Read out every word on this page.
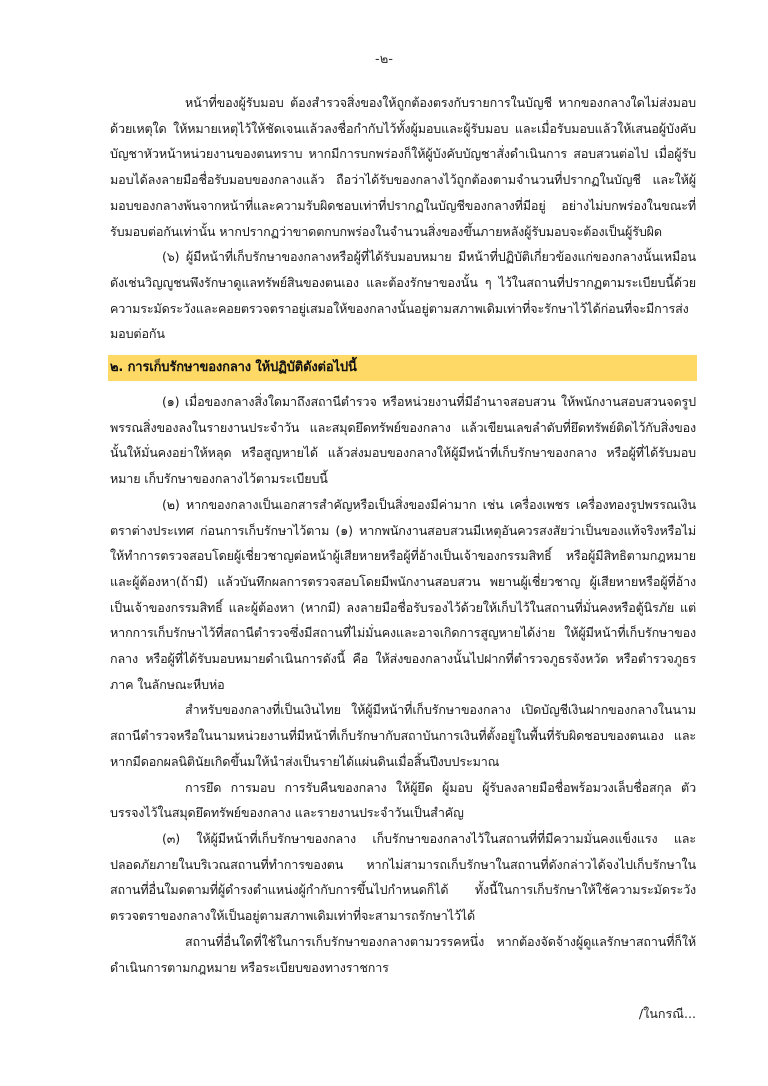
-๒-

หน้าที่ของผู้รับมอบ ต้องสำรวจสิ่งของให้ถูกต้องตรงกับรายการในบัญชี หากของกลางใดไม่ส่งมอบด้วยเหตุใด ให้หมายเหตุไว้ให้ชัดเจนแล้วลงชื่อกำกับไว้ทั้งผู้มอบและผู้รับมอบ และเมื่อรับมอบแล้วให้เสนอผู้บังคับบัญชาหัวหน้าหน่วยงานของตนทราบ หากมีการบกพร่องก็ให้ผู้บังคับบัญชาสั่งดำเนินการ สอบสวนต่อไป เมื่อผู้รับมอบได้ลงลายมือชื่อรับมอบของกลางแล้ว ถือว่าได้รับของกลางไว้ถูกต้องตามจำนวนที่ปรากฏในบัญชี และให้ผู้มอบของกลางพ้นจากหน้าที่และความรับผิดชอบเท่าที่ปรากฏในบัญชีของกลางที่มีอยู่ อย่างไม่บกพร่องในขณะที่รับมอบต่อกันเท่านั้น หากปรากฏว่าขาดตกบกพร่องในจำนวนสิ่งของขึ้นภายหลังผู้รับมอบจะต้องเป็นผู้รับผิด

(๖) ผู้มีหน้าที่เก็บรักษาของกลางหรือผู้ที่ได้รับมอบหมาย มีหน้าที่ปฏิบัติเกี่ยวข้องแก่ของกลางนั้นเหมือนดังเช่นวิญญูชนพึงรักษาดูแลทรัพย์สินของตนเอง และต้องรักษาของนั้น ๆ ไว้ในสถานที่ปรากฏตามระเบียบนี้ด้วยความระมัดระวังและคอยตรวจตราอยู่เสมอให้ของกลางนั้นอยู่ตามสภาพเดิมเท่าที่จะรักษาไว้ได้ก่อนที่จะมีการส่งมอบต่อกัน

๒. การเก็บรักษาของกลาง ให้ปฏิบัติดังต่อไปนี้

(๑) เมื่อของกลางสิ่งใดมาถึงสถานีตำรวจ หรือหน่วยงานที่มีอำนาจสอบสวน ให้พนักงานสอบสวนจดรูปพรรณสิ่งของลงในรายงานประจำวัน และสมุดยึดทรัพย์ของกลาง แล้วเขียนเลขลำดับที่ยึดทรัพย์ติดไว้กับสิ่งของนั้นให้มั่นคงอย่าให้หลุด หรือสูญหายได้ แล้วส่งมอบของกลางให้ผู้มีหน้าที่เก็บรักษาของกลาง หรือผู้ที่ได้รับมอบหมาย เก็บรักษาของกลางไว้ตามระเบียบนี้

(๒) หากของกลางเป็นเอกสารสำคัญหรือเป็นสิ่งของมีค่ามาก เช่น เครื่องเพชร เครื่องทองรูปพรรณเงินตราต่างประเทศ ก่อนการเก็บรักษาไว้ตาม (๑) หากพนักงานสอบสวนมีเหตุอันควรสงสัยว่าเป็นของแท้จริงหรือไม่ ให้ทำการตรวจสอบโดยผู้เชี่ยวชาญต่อหน้าผู้เสียหายหรือผู้ที่อ้างเป็นเจ้าของกรรมสิทธิ์ หรือผู้มีสิทธิตามกฎหมาย และผู้ต้องหา(ถ้ามี) แล้วบันทึกผลการตรวจสอบโดยมีพนักงานสอบสวน พยานผู้เชี่ยวชาญ ผู้เสียหายหรือผู้ที่อ้างเป็นเจ้าของกรรมสิทธิ์ และผู้ต้องหา (หากมี) ลงลายมือชื่อรับรองไว้ด้วยให้เก็บไว้ในสถานที่มั่นคงหรือตู้นิรภัย แต่หากการเก็บรักษาไว้ที่สถานีตำรวจซึ่งมีสถานที่ไม่มั่นคงและอาจเกิดการสูญหายได้ง่าย ให้ผู้มีหน้าที่เก็บรักษาของกลาง หรือผู้ที่ได้รับมอบหมายดำเนินการดังนี้ คือ ให้ส่งของกลางนั้นไปฝากที่ตำรวจภูธรจังหวัด หรือตำรวจภูธรภาค ในลักษณะหีบห่อ

สำหรับของกลางที่เป็นเงินไทย ให้ผู้มีหน้าที่เก็บรักษาของกลาง เปิดบัญชีเงินฝากของกลางในนามสถานีตำรวจหรือในนามหน่วยงานที่มีหน้าที่เก็บรักษากับสถาบันการเงินที่ตั้งอยู่ในพื้นที่รับผิดชอบของตนเอง และหากมีดอกผลนิตินัยเกิดขึ้นมให้นำส่งเป็นรายได้แผ่นดินเมื่อสิ้นปีงบประมาณ

การยึด การมอบ การรับคืนของกลาง ให้ผู้ยึด ผู้มอบ ผู้รับลงลายมือชื่อพร้อมวงเล็บชื่อสกุล ตัวบรรจงไว้ในสมุดยึดทรัพย์ของกลาง และรายงานประจำวันเป็นสำคัญ

(๓) ให้ผู้มีหน้าที่เก็บรักษาของกลาง เก็บรักษาของกลางไว้ในสถานที่ที่มีความมั่นคงแข็งแรง และปลอดภัยภายในบริเวณสถานที่ทำการของตน หากไม่สามารถเก็บรักษาในสถานที่ดังกล่าวได้จงไปเก็บรักษาในสถานที่อื่นใมดตามที่ผู้ดำรงตำแหน่งผู้กำกับการขึ้นไปกำหนดก็ได้ ทั้งนี้ในการเก็บรักษาให้ใช้ความระมัดระวังตรวจตราของกลางให้เป็นอยู่ตามสภาพเดิมเท่าที่จะสามารถรักษาไว้ได้

สถานที่อื่นใดที่ใช้ในการเก็บรักษาของกลางตามวรรคหนึ่ง หากต้องจัดจ้างผู้ดูแลรักษาสถานที่ก็ให้ดำเนินการตามกฎหมาย หรือระเบียบของทางราชการ

/ในกรณี...
